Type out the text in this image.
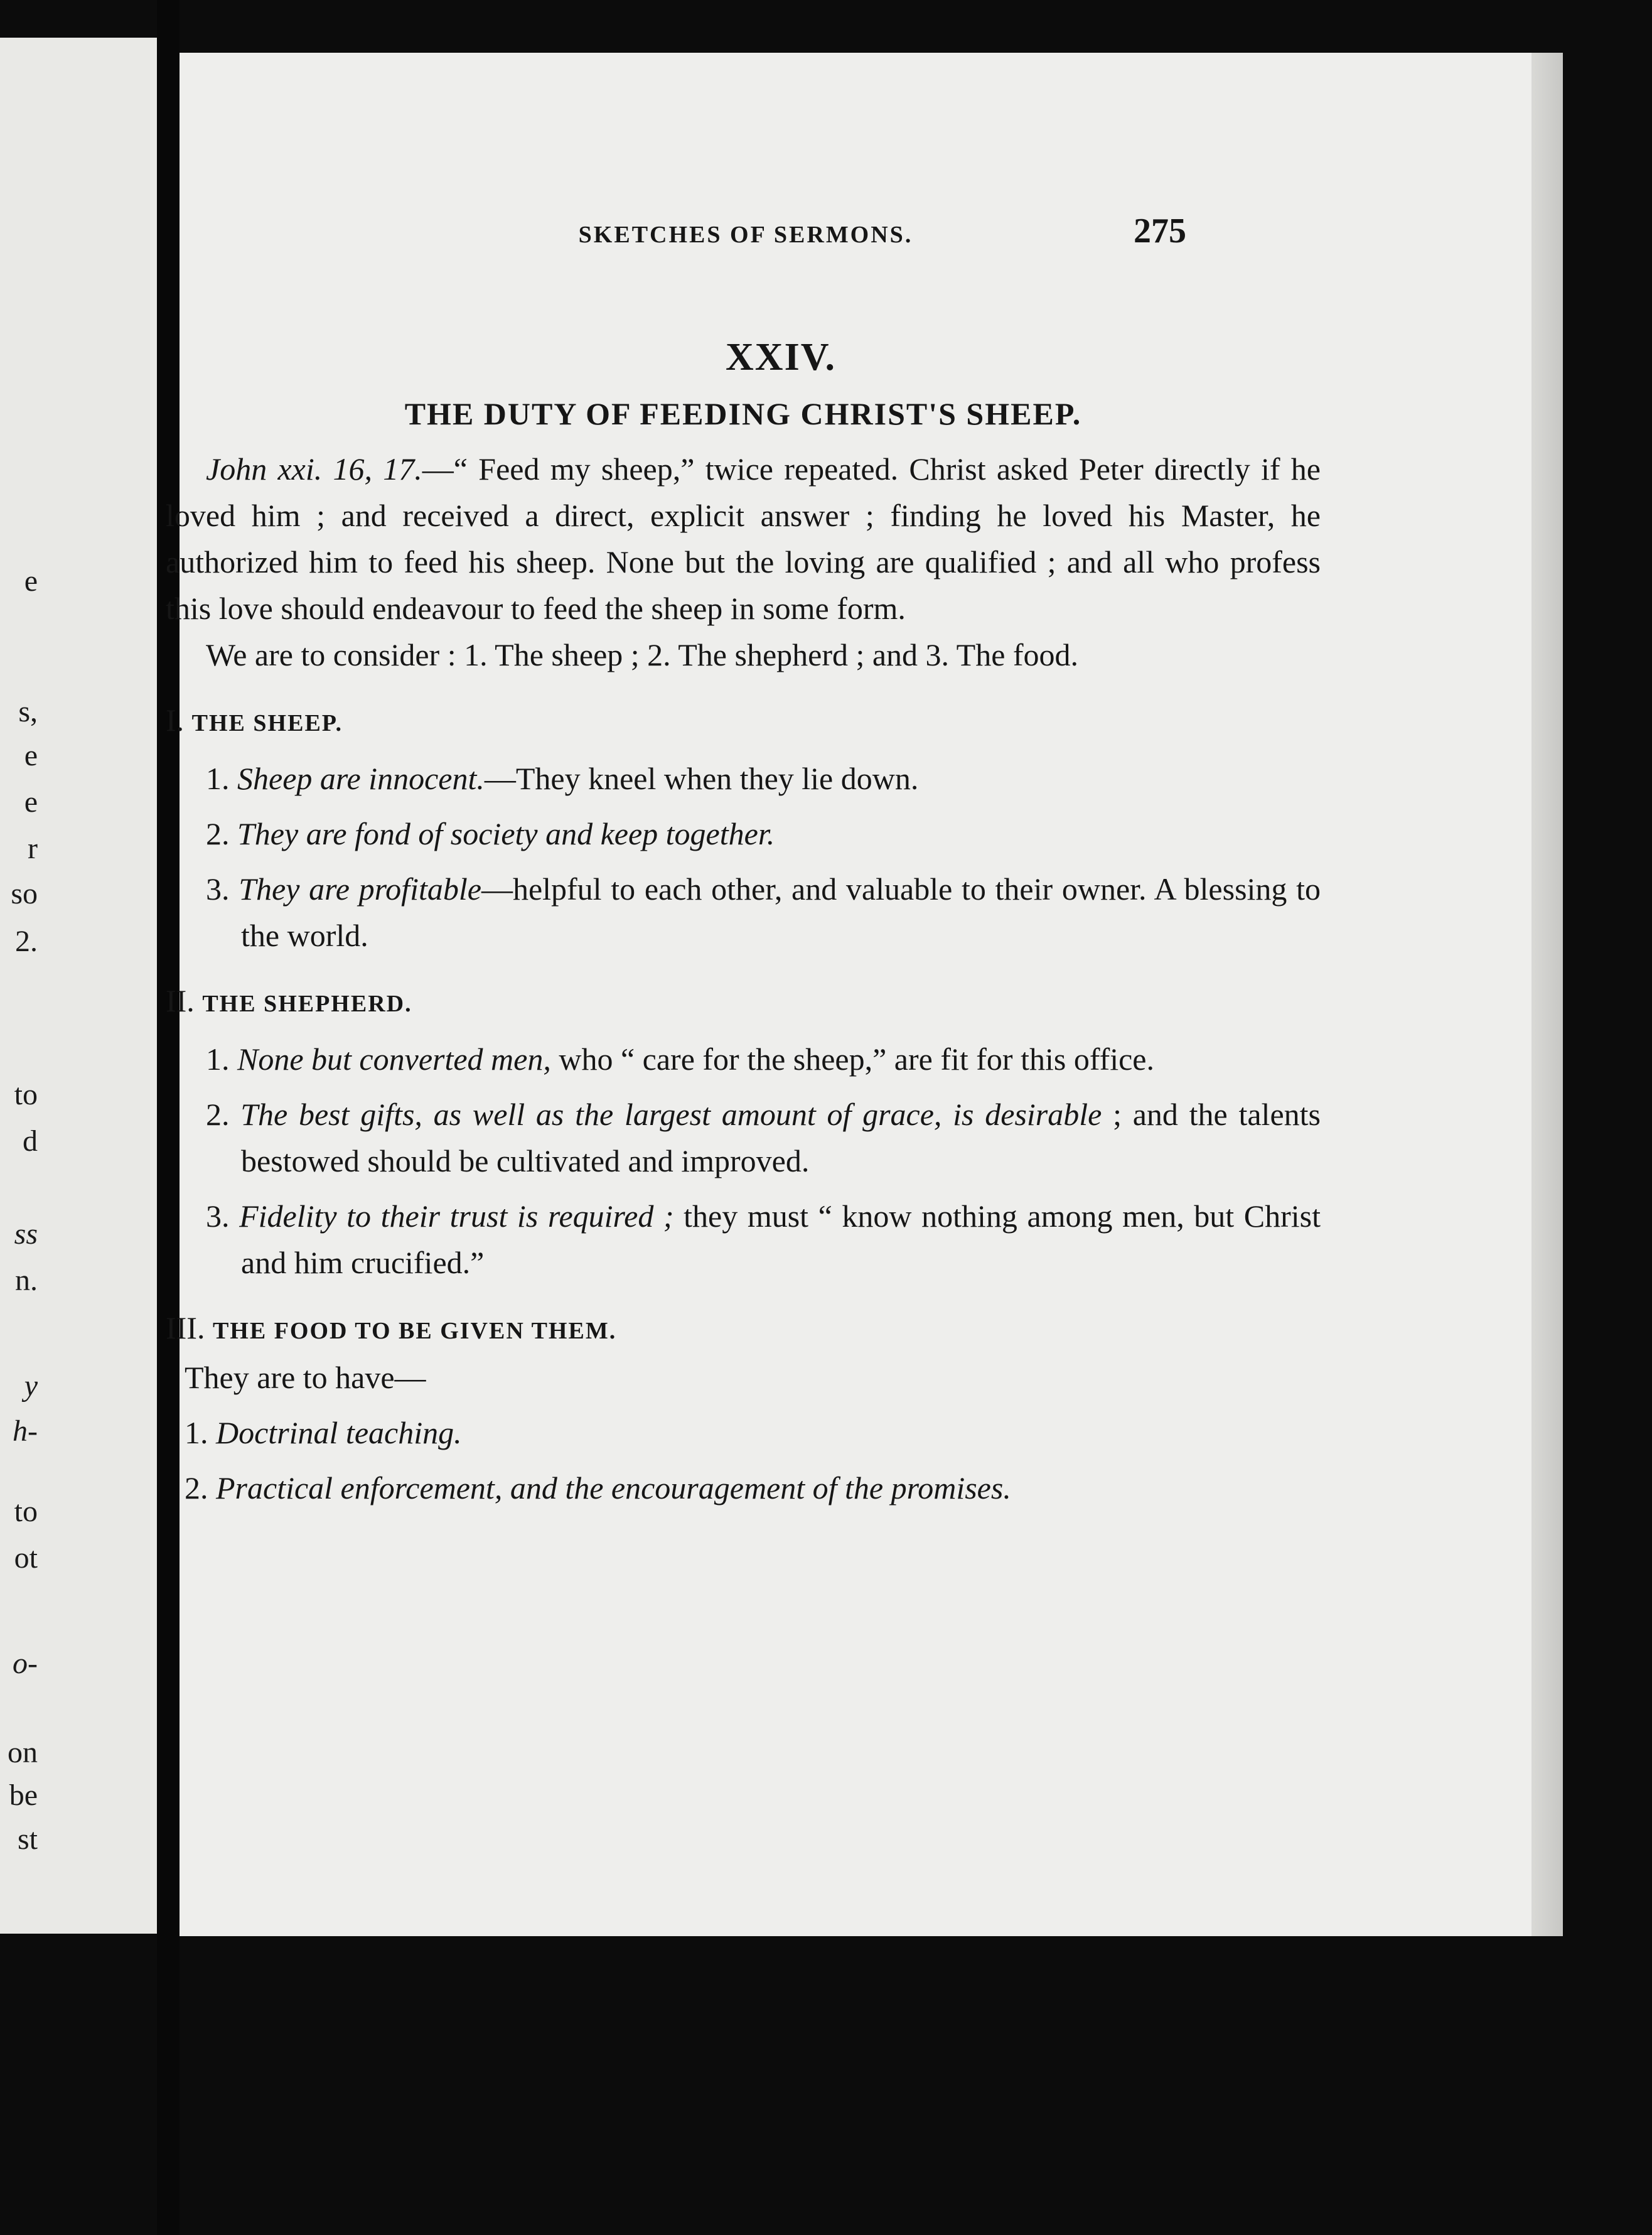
e
s,
e
e
r
so
2.
to
d
ss
n.
y
h-
to
ot
o-
on
be
st
SKETCHES OF SERMONS.	275
XXIV.
THE DUTY OF FEEDING CHRIST'S SHEEP.

John xxi. 16, 17.—“ Feed my sheep,” twice repeated. Christ asked Peter directly if he loved him ; and received a direct, explicit answer ; finding he loved his Master, he authorized him to feed his sheep. None but the loving are qualified ; and all who profess this love should endeavour to feed the sheep in some form.

We are to consider : 1. The sheep ; 2. The shepherd ; and 3. The food.

I. THE SHEEP.

1. Sheep are innocent.—They kneel when they lie down.

2. They are fond of society and keep together.

3. They are profitable—helpful to each other, and valuable to their owner. A blessing to the world.

II. THE SHEPHERD.

1. None but converted men, who “ care for the sheep,” are fit for this office.

2. The best gifts, as well as the largest amount of grace, is desirable ; and the talents bestowed should be cultivated and improved.

3. Fidelity to their trust is required ; they must “ know nothing among men, but Christ and him crucified.”

III. THE FOOD TO BE GIVEN THEM.

They are to have—

1. Doctrinal teaching.

2. Practical enforcement, and the encouragement of the promises.
